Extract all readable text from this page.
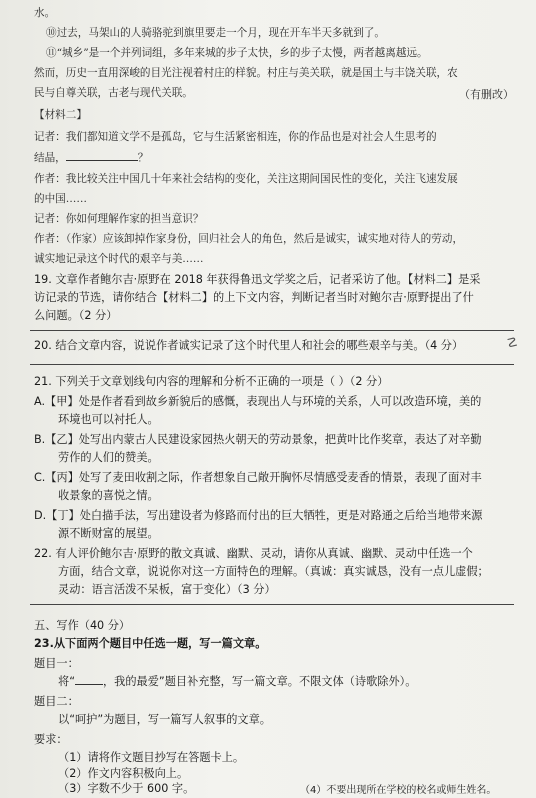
水。
⑩过去，马架山的人骑骆驼到旗里要走一个月，现在开车半天多就到了。
⑪“城乡”是一个并列词组，多年来城的步子太快，乡的步子太慢，两者越离越远。
然而，历史一直用深峻的目光注视着村庄的样貌。村庄与美关联，就是国土与丰饶关联，农
民与自尊关联，古老与现代关联。	（有删改）
【材料二】
记者：我们都知道文学不是孤岛，它与生活紧密相连，你的作品也是对社会人生思考的
结晶，	？
作者：我比较关注中国几十年来社会结构的变化，关注这期间国民性的变化，关注飞速发展
的中国……
记者：你如何理解作家的担当意识？
作者：（作家）应该卸掉作家身份，回归社会人的角色，然后是诚实，诚实地对待人的劳动，
诚实地记录这个时代的艰辛与美……
19. 文章作者鲍尔吉·原野在 2018 年获得鲁迅文学奖之后，记者采访了他。【材料二】是采
访记录的节选，请你结合【材料二】的上下文内容，判断记者当时对鲍尔吉·原野提出了什
么问题。（2 分）
20. 结合文章内容，说说作者诚实记录了这个时代里人和社会的哪些艰辛与美。（4 分）	☡
21. 下列关于文章划线句内容的理解和分析不正确的一项是（ ）（2 分）
A.【甲】处是作者看到故乡新貌后的感慨，表现出人与环境的关系，人可以改造环境，美的
环境也可以衬托人。
B.【乙】处写出内蒙古人民建设家园热火朝天的劳动景象，把黄叶比作奖章，表达了对辛勤
劳作的人们的赞美。
C.【丙】处写了麦田收割之际，作者想象自己敞开胸怀尽情感受麦香的情景，表现了面对丰
收景象的喜悦之情。
D.【丁】处白描手法，写出建设者为修路而付出的巨大牺牲，更是对路通之后给当地带来源
源不断财富的展望。
22. 有人评价鲍尔吉·原野的散文真诚、幽默、灵动，请你从真诚、幽默、灵动中任选一个
方面，结合文章，说说你对这一方面特色的理解。（真诚：真实诚恳，没有一点儿虚假；
灵动：语言活泼不呆板，富于变化）（3 分）
五、写作（40 分）
23.从下面两个题目中任选一题，写一篇文章。
题目一：
将“	，我的最爱”题目补充整，写一篇文章。不限文体（诗歌除外）。
题目二：
以“呵护”为题目，写一篇写人叙事的文章。
要求：
（1）请将作文题目抄写在答题卡上。
（2）作文内容积极向上。
（3）字数不少于 600 字。	（4）不要出现所在学校的校名或师生姓名。
